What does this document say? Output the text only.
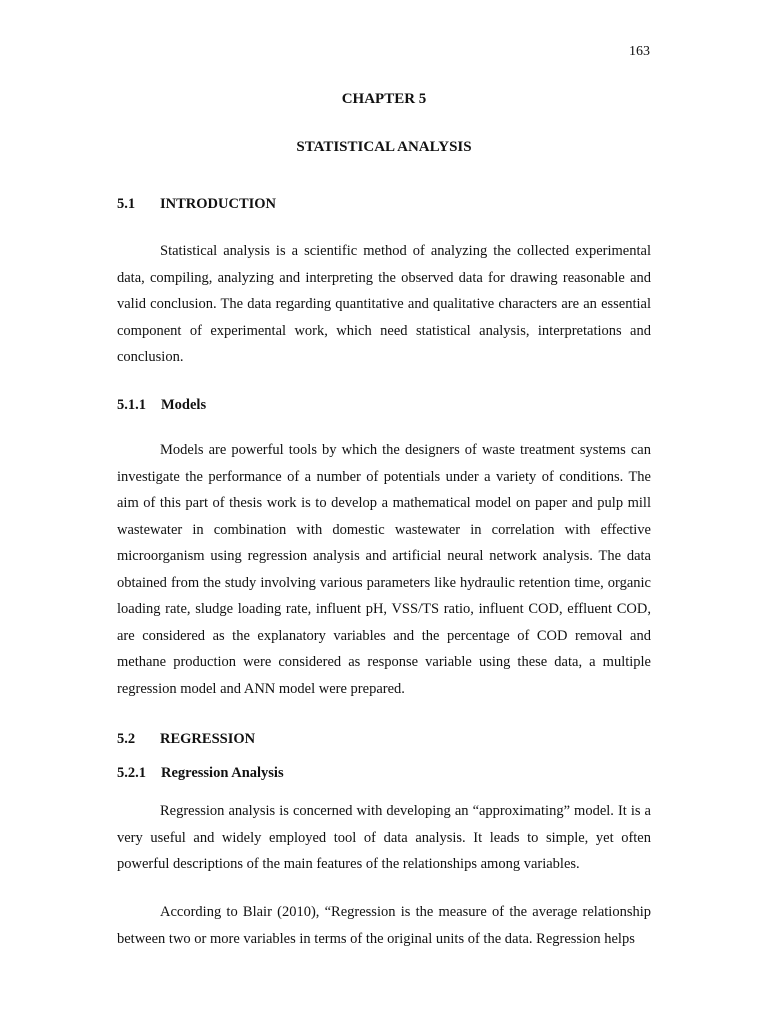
163
CHAPTER 5
STATISTICAL ANALYSIS
5.1 INTRODUCTION

Statistical analysis is a scientific method of analyzing the collected experimental data, compiling, analyzing and interpreting the observed data for drawing reasonable and valid conclusion. The data regarding quantitative and qualitative characters are an essential component of experimental work, which need statistical analysis, interpretations and conclusion.

5.1.1 Models

Models are powerful tools by which the designers of waste treatment systems can investigate the performance of a number of potentials under a variety of conditions. The aim of this part of thesis work is to develop a mathematical model on paper and pulp mill wastewater in combination with domestic wastewater in correlation with effective microorganism using regression analysis and artificial neural network analysis. The data obtained from the study involving various parameters like hydraulic retention time, organic loading rate, sludge loading rate, influent pH, VSS/TS ratio, influent COD, effluent COD, are considered as the explanatory variables and the percentage of COD removal and methane production were considered as response variable using these data, a multiple regression model and ANN model were prepared.

5.2 REGRESSION
5.2.1 Regression Analysis

Regression analysis is concerned with developing an “approximating” model. It is a very useful and widely employed tool of data analysis. It leads to simple, yet often powerful descriptions of the main features of the relationships among variables.

According to Blair (2010), “Regression is the measure of the average relationship between two or more variables in terms of the original units of the data. Regression helps
